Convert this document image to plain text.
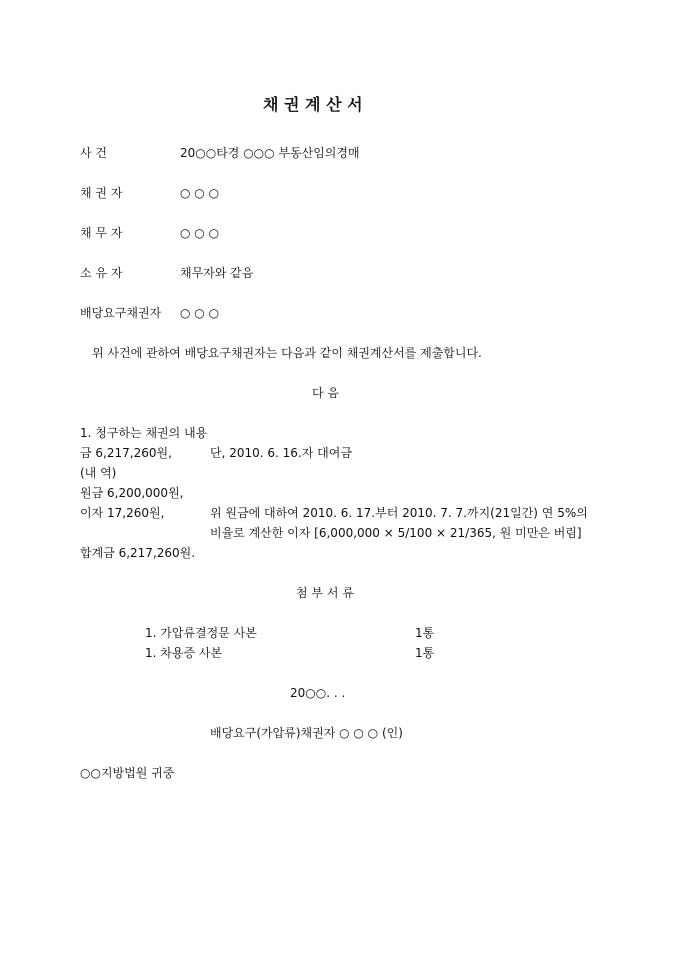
채 권 계 산 서
사 건	20○○타경 ○○○ 부동산임의경매
채 권 자	○ ○ ○
채 무 자	○ ○ ○
소 유 자	채무자와 같음
배당요구채권자 ○ ○ ○
위 사건에 관하여 배당요구채권자는 다음과 같이 채권계산서를 제출합니다.
다 음
1. 청구하는 채권의 내용
금 6,217,260원,	단, 2010. 6. 16.자 대여금
(내 역)
원금 6,200,000원,
이자 17,260원,	위 원금에 대하여 2010. 6. 17.부터 2010. 7. 7.까지(21일간) 연 5%의
비율로 계산한 이자 [6,000,000 × 5/100 × 21/365, 원 미만은 버림]
합계금 6,217,260원.
첨 부 서 류
1. 가압류결정문 사본	1통
1. 차용증 사본	1통
20○○. . .
배당요구(가압류)채권자 ○ ○ ○ (인)
○○지방법원 귀중
